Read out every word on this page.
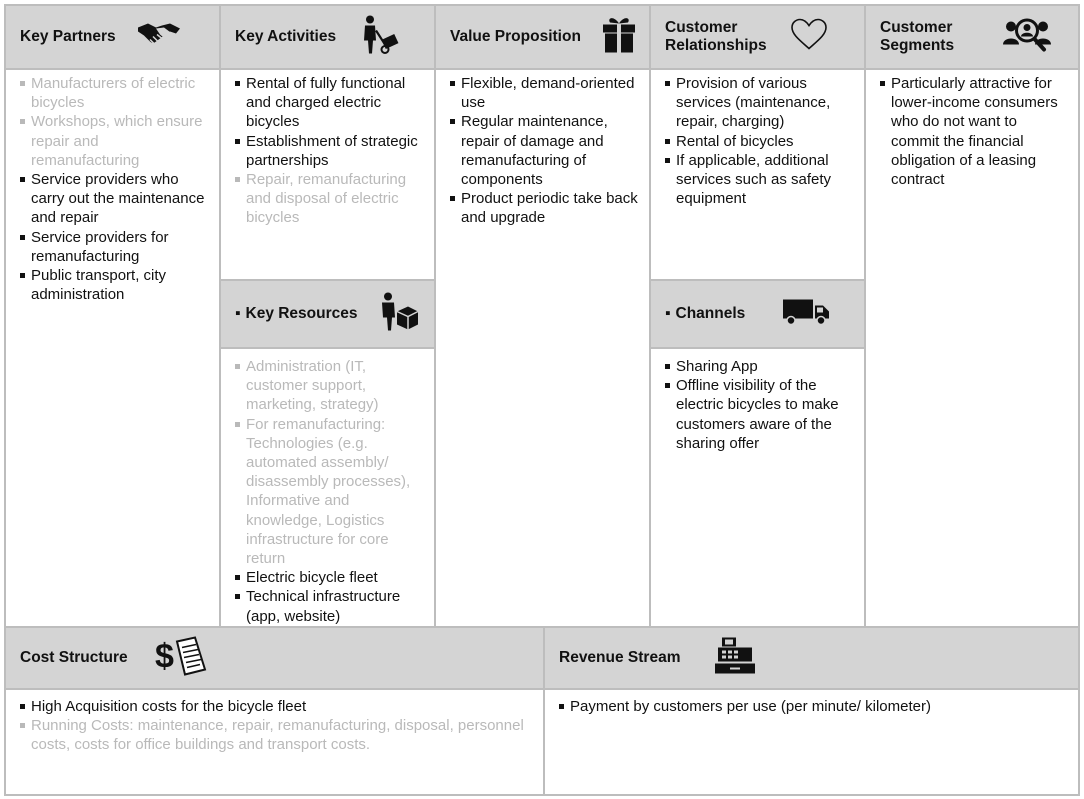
Key Partners
Manufacturers of electric bicycles
Workshops, which ensure repair and remanufacturing
Service providers who carry out the maintenance and repair
Service providers for remanufacturing
Public transport, city administration
Key Activities
Rental of fully functional and charged electric bicycles
Establishment of strategic partnerships
Repair, remanufacturing and disposal of electric bicycles
▪ Key Resources
Administration (IT, customer support, marketing, strategy)
For remanufacturing: Technologies (e.g. automated assembly/ disassembly processes), Informative and knowledge, Logistics infrastructure for core return
Electric bicycle fleet
Technical infrastructure (app, website)
Value Proposition
Flexible, demand-oriented use
Regular maintenance, repair of damage and remanufacturing of components
Product periodic take back and upgrade
Customer Relationships
Provision of various services (maintenance, repair, charging)
Rental of bicycles
If applicable, additional services such as safety equipment
▪ Channels
Sharing App
Offline visibility of the electric bicycles to make customers aware of the sharing offer
Customer Segments
Particularly attractive for lower-income consumers who do not want to commit the financial obligation of a leasing contract
Cost Structure $
High Acquisition costs for the bicycle fleet
Running Costs: maintenance, repair, remanufacturing, disposal, personnel costs, costs for office buildings and transport costs.
Revenue Stream
Payment by customers per use (per minute/ kilometer)
